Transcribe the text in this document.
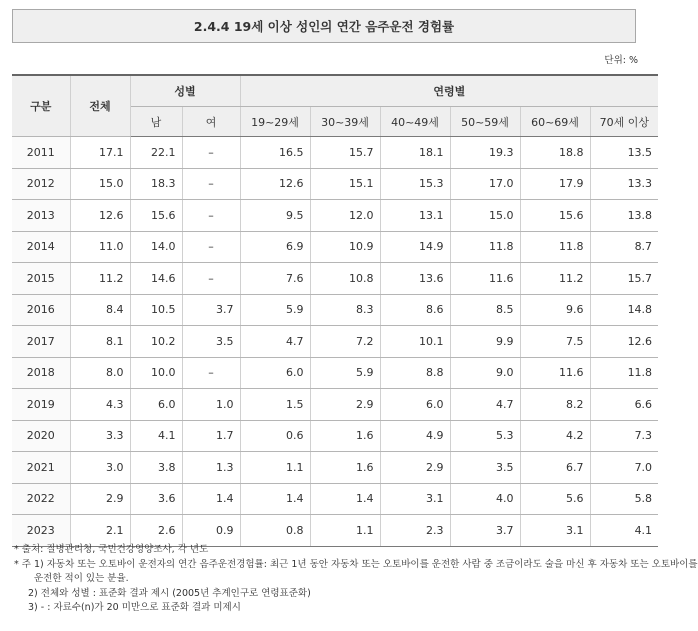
2.4.4 19세 이상 성인의 연간 음주운전 경험률
단위: %
구분	전체	성별		연령별					
		남	여	19~29세	30~39세	40~49세	50~59세	60~69세	70세 이상
2011	17.1	22.1	–	16.5	15.7	18.1	19.3	18.8	13.5
2012	15.0	18.3	–	12.6	15.1	15.3	17.0	17.9	13.3
2013	12.6	15.6	–	9.5	12.0	13.1	15.0	15.6	13.8
2014	11.0	14.0	–	6.9	10.9	14.9	11.8	11.8	8.7
2015	11.2	14.6	–	7.6	10.8	13.6	11.6	11.2	15.7
2016	8.4	10.5	3.7	5.9	8.3	8.6	8.5	9.6	14.8
2017	8.1	10.2	3.5	4.7	7.2	10.1	9.9	7.5	12.6
2018	8.0	10.0	–	6.0	5.9	8.8	9.0	11.6	11.8
2019	4.3	6.0	1.0	1.5	2.9	6.0	4.7	8.2	6.6
2020	3.3	4.1	1.7	0.6	1.6	4.9	5.3	4.2	7.3
2021	3.0	3.8	1.3	1.1	1.6	2.9	3.5	6.7	7.0
2022	2.9	3.6	1.4	1.4	1.4	3.1	4.0	5.6	5.8
2023	2.1	2.6	0.9	0.8	1.1	2.3	3.7	3.1	4.1
* 출처: 질병관리청, 국민건강영양조사, 각 년도
* 주 1) 자동차 또는 오토바이 운전자의 연간 음주운전경험률: 최근 1년 동안 자동차 또는 오토바이를 운전한 사람 중 조금이라도 술을 마신 후 자동차 또는 오토바이를
운전한 적이 있는 분율.
2) 전체와 성별 : 표준화 결과 제시 (2005년 추계인구로 연령표준화)
3) - : 자료수(n)가 20 미만으로 표준화 결과 미제시
